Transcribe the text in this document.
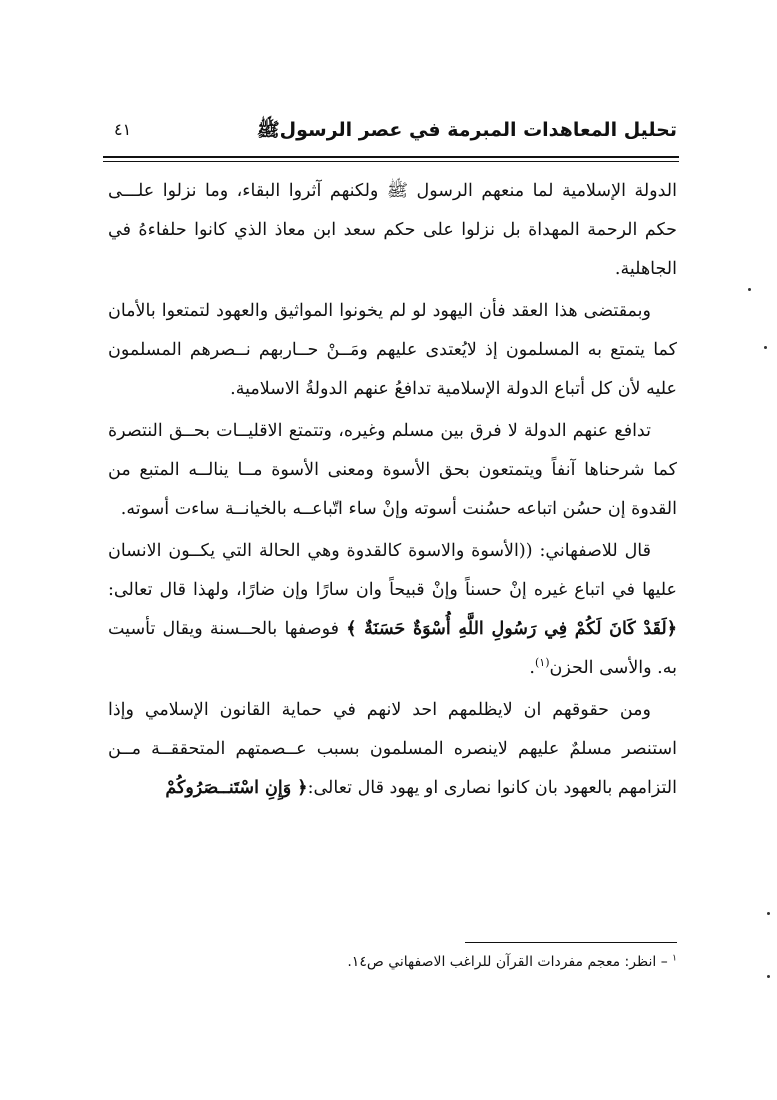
تحليل المعاهدات المبرمة في عصر الرسولﷺ
٤١

الدولة الإسلامية لما منعهم الرسول ﷺ ولكنهم آثروا البقاء، وما نزلوا علـــى حكم الرحمة المهداة بل نزلوا على حكم سعد ابن معاذ الذي كانوا حلفاءهُ في الجاهلية.

وبمقتضى هذا العقد فأن اليهود لو لم يخونوا المواثيق والعهود لتمتعوا بالأمان كما يتمتع به المسلمون إذ لايُعتدى عليهم ومَــنْ حــاربهم نــصرهم المسلمون عليه لأن كل أتباع الدولة الإسلامية تدافعُ عنهم الدولةُ الاسلامية.

تدافع عنهم الدولة لا فرق بين مسلم وغيره، وتتمتع الاقليــات بحــق النتصرة كما شرحناها آنفاً ويتمتعون بحق الأسوة ومعنى الأسوة مــا ينالــه المتبع من القدوة إن حسُن اتباعه حسُنت أسوته وإنْ ساء اتّباعــه بالخيانــة ساءت أسوته.

قال للاصفهاني: ((الأسوة والاسوة كالقدوة وهي الحالة التي يكــون الانسان عليها في اتباع غيره إنْ حسناً وإنْ قبيحاً وان سارًا وإن ضارًا، ولهذا قال تعالى: ﴿لَقَدْ كَانَ لَكُمْ فِي رَسُولِ اللَّهِ أُسْوَةٌ حَسَنَةٌ ﴾ فوصفها بالحــسنة ويقال تأسيت به. والأسى الحزن$^{(١)}$.

ومن حقوقهم ان لايظلمهم احد لانهم في حماية القانون الإسلامي وإذا استنصر مسلمٌ عليهم لاينصره المسلمون بسبب عــصمتهم المتحققــة مــن التزامهم بالعهود بان كانوا نصارى او يهود قال تعالى:﴿ وَإِنِ اسْتَنــصَرُوكُمْ

$^١$ – انظر: معجم مفردات القرآن للراغب الاصفهاني ص١٤.
